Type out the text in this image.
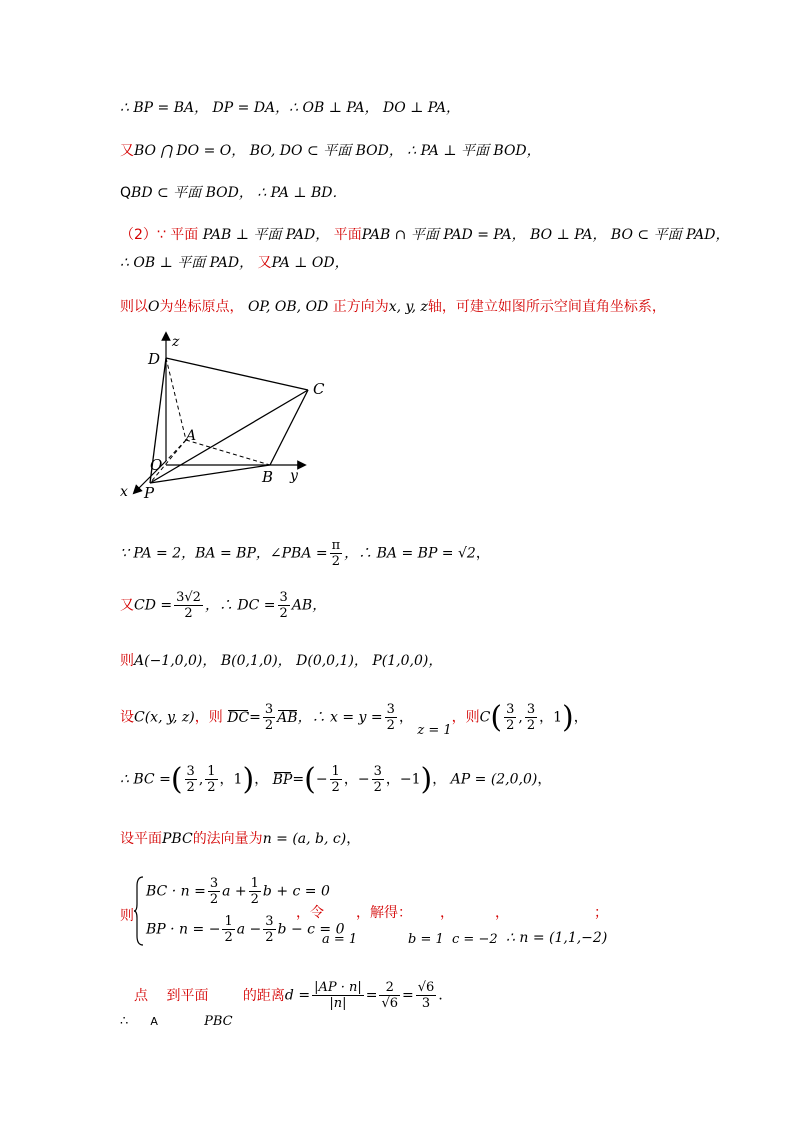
∴ BP = BA， DP = DA，∴ OB ⊥ PA， DO ⊥ PA，
又BO ⋂ DO = O， BO, DO ⊂ 平面 BOD， ∴ PA ⊥ 平面 BOD，
QBD ⊂ 平面 BOD， ∴ PA ⊥ BD．
（2）∵ 平面 PAB ⊥ 平面 PAD， 平面PAB ∩ 平面 PAD = PA， BO ⊥ PA， BO ⊂ 平面 PAD，
∴ OB ⊥ 平面 PAD， 又PA ⊥ OD，
则以O为坐标原点， OP, OB, OD 正方向为x, y, z轴，可建立如图所示空间直角坐标系，
D
z
C
A
O
B y
x P
∵ PA = 2，BA = BP，∠PBA = $\frac{\pi}{2}$ ，∴ BA = BP = √2，
又CD = $\frac{3√2}{2}$ ，∴ DC = $\frac{3}{2}$ AB，
则A(−1,0,0)， B(0,1,0)， D(0,0,1)， P(1,0,0)，
设C(x, y, z)，则 $DC= \frac{3}{2}$ AB，∴ $x = y = \frac{3}{2}$ ， z = 1，则$C( \frac{3}{2}$ , $\frac{3}{2}$ ，1)，
∴ BC =( $\frac{3}{2}$ , $\frac{1}{2}$ ，1)， $BP=(- \frac{1}{2}$ ，− $\frac{3}{2}$ ，−1)， AP = (2,0,0)，
设平面PBC的法向量为n = (a, b, c)，
则
BC · $n = \frac{3}{2}$ $a + \frac{1}{2}$ b + c = 0
BP · n = − $\frac{1}{2}$ $a - \frac{3}{2}$ b − c = 0
，令 ，解得： ，	，	；
a = 1	b = 1 c = −2 ∴ n = (1,1,−2)
点 到平面 的距离$d = \frac{|AP \cdot n|}{|n|} = \frac{2}{√6} = \frac{√6}{3}$ ．
∴ A	PBC
